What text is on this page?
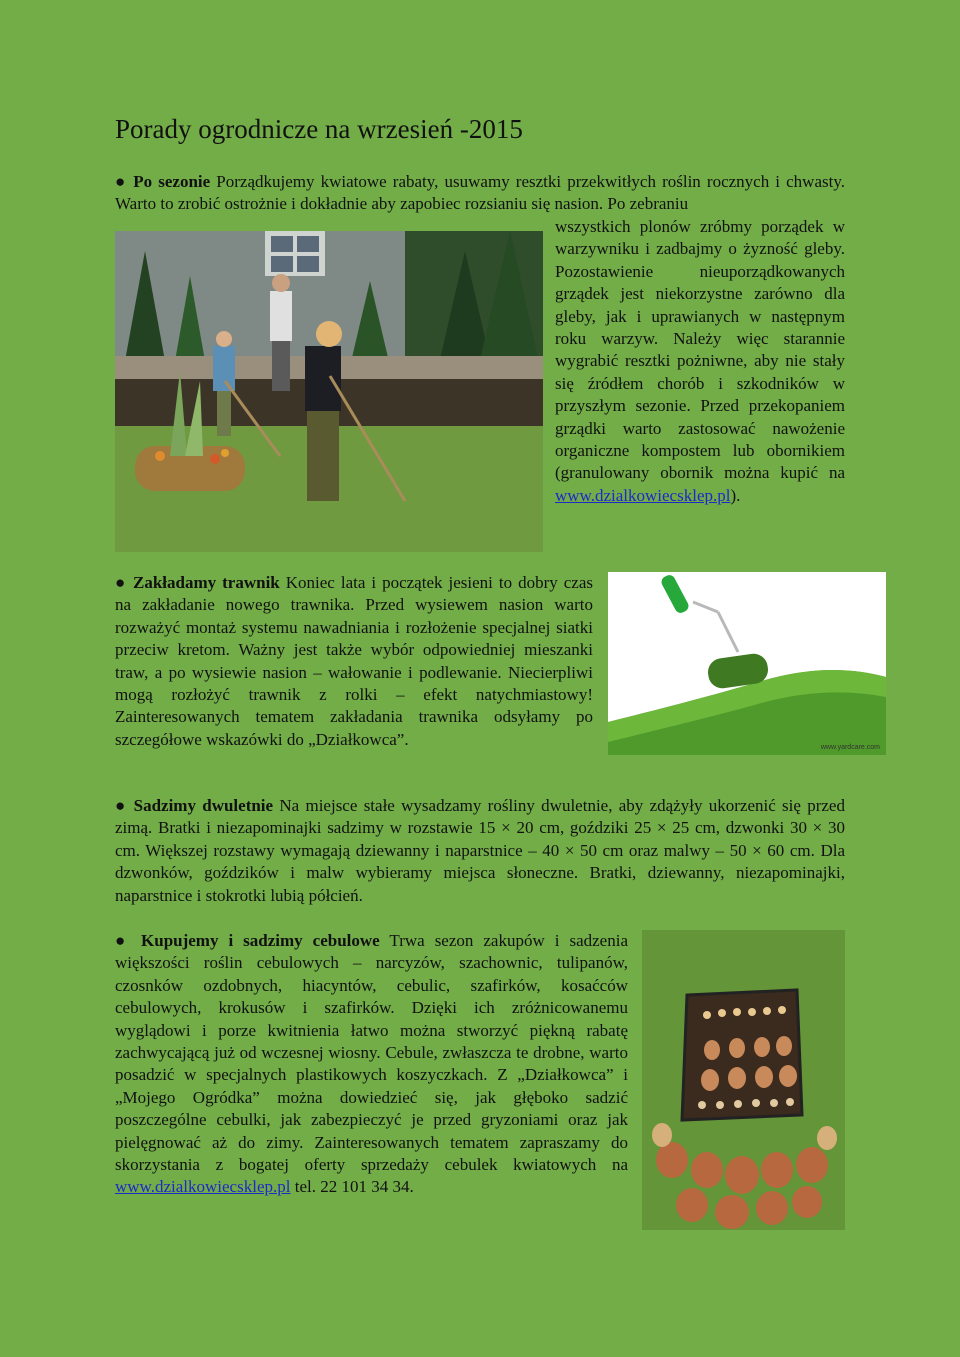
Porady ogrodnicze na wrzesień -2015

● Po sezonie Porządkujemy kwiatowe rabaty, usuwamy resztki przekwitłych roślin rocznych i chwasty. Warto to zrobić ostrożnie i dokładnie aby zapobiec rozsianiu się nasion. Po zebraniu

wszystkich plonów zróbmy porządek w warzywniku i zadbajmy o żyzność gleby. Pozostawienie nieuporządkowanych grządek jest niekorzystne zarówno dla gleby, jak i uprawianych w następnym roku warzyw. Należy więc starannie wygrabić resztki pożniwne, aby nie stały się źródłem chorób i szkodników w przyszłym sezonie. Przed przekopaniem grządki warto zastosować nawożenie organiczne kompostem lub obornikiem (granulowany obornik można kupić na www.dzialkowiecsklep.pl).

● Zakładamy trawnik Koniec lata i początek jesieni to dobry czas na zakładanie nowego trawnika. Przed wysiewem nasion warto rozważyć montaż systemu nawadniania i rozłożenie specjalnej siatki przeciw kretom. Ważny jest także wybór odpowiedniej mieszanki traw, a po wysiewie nasion – wałowanie i podlewanie. Niecierpliwi mogą rozłożyć trawnik z rolki – efekt natychmiastowy! Zainteresowanych tematem zakładania trawnika odsyłamy po szczegółowe wskazówki do „Działkowca”.	www.yardcare.com

● Sadzimy dwuletnie Na miejsce stałe wysadzamy rośliny dwuletnie, aby zdążyły ukorzenić się przed zimą. Bratki i niezapominajki sadzimy w rozstawie 15 × 20 cm, goździki 25 × 25 cm, dzwonki 30 × 30 cm. Większej rozstawy wymagają dziewanny i naparstnice – 40 × 50 cm oraz malwy – 50 × 60 cm. Dla dzwonków, goździków i malw wybieramy miejsca słoneczne. Bratki, dziewanny, niezapominajki, naparstnice i stokrotki lubią półcień.

● Kupujemy i sadzimy cebulowe Trwa sezon zakupów i sadzenia większości roślin cebulowych – narcyzów, szachownic, tulipanów, czosnków ozdobnych, hiacyntów, cebulic, szafirków, kosaćców cebulowych, krokusów i szafirków. Dzięki ich zróżnicowanemu wyglądowi i porze kwitnienia łatwo można stworzyć piękną rabatę zachwycającą już od wczesnej wiosny. Cebule, zwłaszcza te drobne, warto posadzić w specjalnych plastikowych koszyczkach. Z „Działkowca” i „Mojego Ogródka” można dowiedzieć się, jak głęboko sadzić poszczególne cebulki, jak zabezpieczyć je przed gryzoniami oraz jak pielęgnować aż do zimy. Zainteresowanych tematem zapraszamy do skorzystania z bogatej oferty sprzedaży cebulek kwiatowych na www.dzialkowiecsklep.pl tel. 22 101 34 34.
